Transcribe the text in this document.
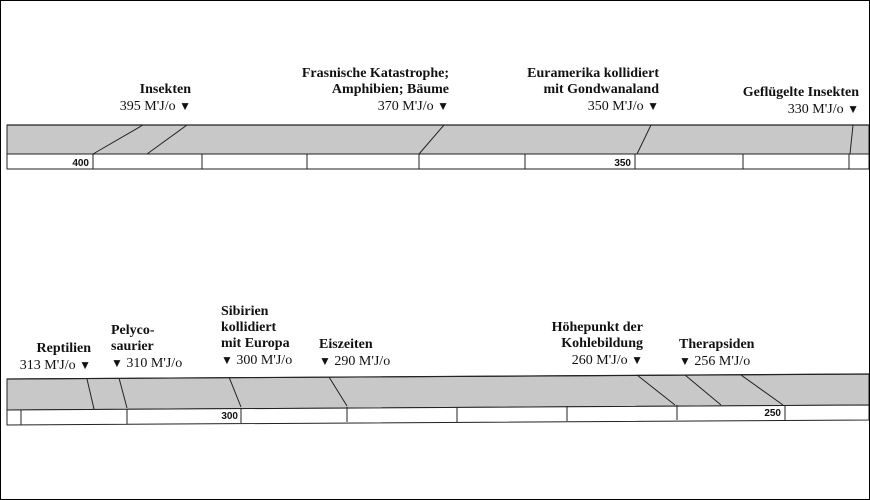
400	350
300	250
Insekten
395 M'J/o ▼
Frasnische Katastrophe;
Amphibien; Bäume
370 M'J/o ▼
Euramerika kollidiert
mit Gondwanaland
350 M'J/o ▼
Geflügelte Insekten
330 M'J/o ▼
Reptilien
313 M'J/o ▼
Pelyco-
saurier
▼ 310 M'J/o
Sibirien
kollidiert
mit Europa
▼ 300 M'J/o
Eiszeiten
▼ 290 M'J/o
Höhepunkt der
Kohlebildung
260 M'J/o ▼
Therapsiden
▼ 256 M'J/o
